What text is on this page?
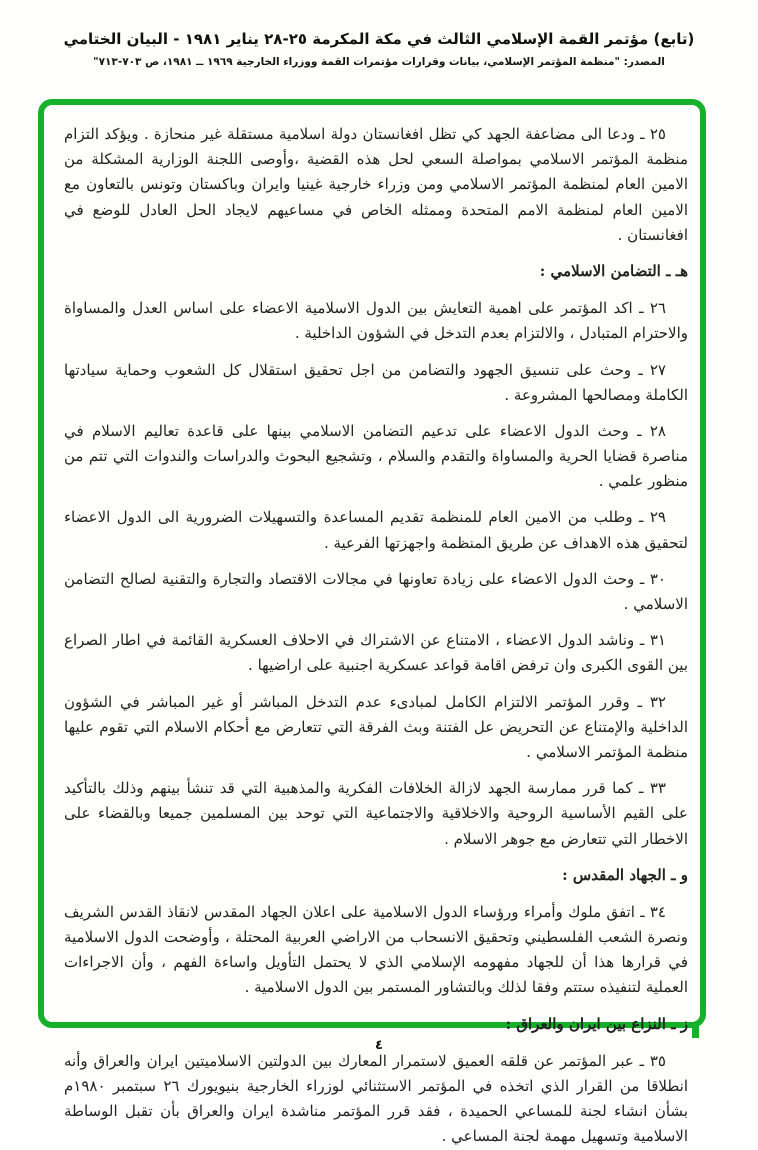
(تابع) مؤتمر القمة الإسلامي الثالث في مكة المكرمة ٢٥-٢٨ يناير ١٩٨١ - البيان الختامي
المصدر: "منظمة المؤتمر الإسلامي، بيانات وقرارات مؤتمرات القمة ووزراء الخارجية ١٩٦٩ ــ ١٩٨١، ص ٧٠٣-٧١٣"

٢٥ ـ ودعا الى مضاعفة الجهد كي تظل افغانستان دولة اسلامية مستقلة غير منحازة . ويؤكد التزام منظمة المؤتمر الاسلامي بمواصلة السعي لحل هذه القضية ،وأوصى اللجنة الوزارية المشكلة من الامين العام لمنظمة المؤتمر الاسلامي ومن وزراء خارجية غينيا وايران وباكستان وتونس بالتعاون مع الامين العام لمنظمة الامم المتحدة وممثله الخاص في مساعيهم لايجاد الحل العادل للوضع في افغانستان .

هـ ـ التضامن الاسلامي :

٢٦ ـ اكد المؤتمر على اهمية التعايش بين الدول الاسلامية الاعضاء على اساس العدل والمساواة والاحترام المتبادل ، والالتزام بعدم التدخل في الشؤون الداخلية .

٢٧ ـ وحث على تنسيق الجهود والتضامن من اجل تحقيق استقلال كل الشعوب وحماية سيادتها الكاملة ومصالحها المشروعة .

٢٨ ـ وحث الدول الاعضاء على تدعيم التضامن الاسلامي بينها على قاعدة تعاليم الاسلام في مناصرة قضايا الحرية والمساواة والتقدم والسلام ، وتشجيع البحوث والدراسات والندوات التي تتم من منظور علمي .

٢٩ ـ وطلب من الامين العام للمنظمة تقديم المساعدة والتسهيلات الضرورية الى الدول الاعضاء لتحقيق هذه الاهداف عن طريق المنظمة واجهزتها الفرعية .

٣٠ ـ وحث الدول الاعضاء على زيادة تعاونها في مجالات الاقتصاد والتجارة والتقنية لصالح التضامن الاسلامي .

٣١ ـ وناشد الدول الاعضاء ، الامتناع عن الاشتراك في الاحلاف العسكرية القائمة في اطار الصراع بين القوى الكبرى وان ترفض اقامة قواعد عسكرية اجنبية على اراضيها .

٣٢ ـ وقرر المؤتمر الالتزام الكامل لمبادىء عدم التدخل المباشر أو غير المباشر في الشؤون الداخلية والإمتناع عن التحريض عل الفتنة وبث الفرقة التي تتعارض مع أحكام الاسلام التي تقوم عليها منظمة المؤتمر الاسلامي .

٣٣ ـ كما قرر ممارسة الجهد لازالة الخلافات الفكرية والمذهبية التي قد تنشأ بينهم وذلك بالتأكيد على القيم الأساسية الروحية والاخلاقية والاجتماعية التي توحد بين المسلمين جميعا وبالقضاء على الاخطار التي تتعارض مع جوهر الاسلام .

و ـ الجهاد المقدس :

٣٤ ـ اتفق ملوك وأمراء ورؤساء الدول الاسلامية على اعلان الجهاد المقدس لانقاذ القدس الشريف ونصرة الشعب الفلسطيني وتحقيق الانسحاب من الاراضي العربية المحتلة ، وأوضحت الدول الاسلامية في قرارها هذا أن للجهاد مفهومه الإسلامي الذي لا يحتمل التأويل واساءة الفهم ، وأن الاجراءات العملية لتنفيذه ستتم وفقا لذلك وبالتشاور المستمر بين الدول الاسلامية .

ز ـ النزاع بين ايران والعراق :

٣٥ ـ عبر المؤتمر عن قلقه العميق لاستمرار المعارك بين الدولتين الاسلاميتين ايران والعراق وأنه انطلاقا من القرار الذي اتخذه في المؤتمر الاستثنائي لوزراء الخارجية بنيويورك ٢٦ سبتمبر ١٩٨٠م بشأن انشاء لجنة للمساعي الحميدة ، فقد قرر المؤتمر مناشدة ايران والعراق بأن تقبل الوساطة الاسلامية وتسهيل مهمة لجنة المساعي .

٤
